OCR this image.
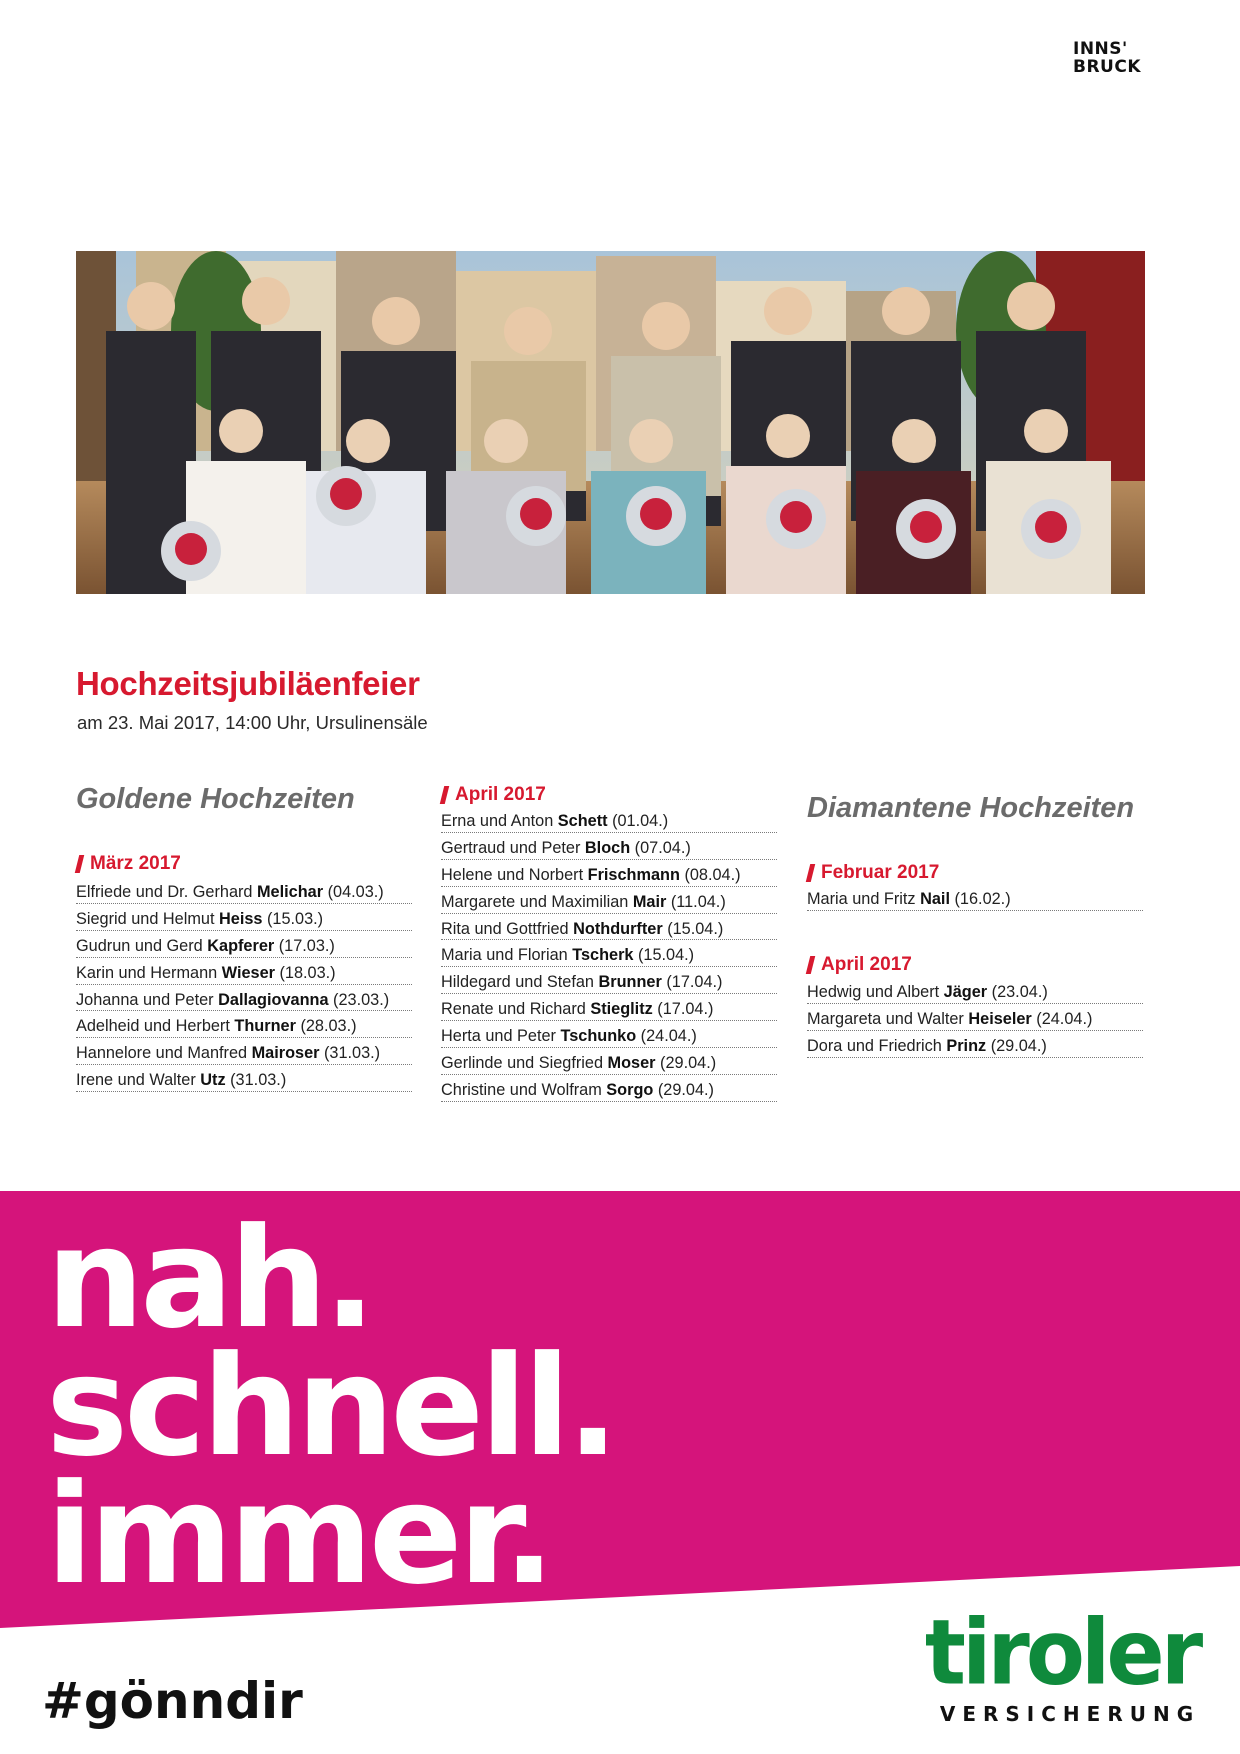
INNS'
BRUCK
Hochzeitsjubiläenfeier
am 23. Mai 2017, 14:00 Uhr, Ursulinensäle
Goldene Hochzeiten
März 2017
Elfriede und Dr. Gerhard Melichar (04.03.)
Siegrid und Helmut Heiss (15.03.)
Gudrun und Gerd Kapferer (17.03.)
Karin und Hermann Wieser (18.03.)
Johanna und Peter Dallagiovanna (23.03.)
Adelheid und Herbert Thurner (28.03.)
Hannelore und Manfred Mairoser (31.03.)
Irene und Walter Utz (31.03.)
April 2017
Erna und Anton Schett (01.04.)
Gertraud und Peter Bloch (07.04.)
Helene und Norbert Frischmann (08.04.)
Margarete und Maximilian Mair (11.04.)
Rita und Gottfried Nothdurfter (15.04.)
Maria und Florian Tscherk (15.04.)
Hildegard und Stefan Brunner (17.04.)
Renate und Richard Stieglitz (17.04.)
Herta und Peter Tschunko (24.04.)
Gerlinde und Siegfried Moser (29.04.)
Christine und Wolfram Sorgo (29.04.)
Diamantene Hochzeiten
Februar 2017
Maria und Fritz Nail (16.02.)
April 2017
Hedwig und Albert Jäger (23.04.)
Margareta und Walter Heiseler (24.04.)
Dora und Friedrich Prinz (29.04.)
nah.
schnell.
immer.
#gönndir	tiroler
VERSICHERUNG
